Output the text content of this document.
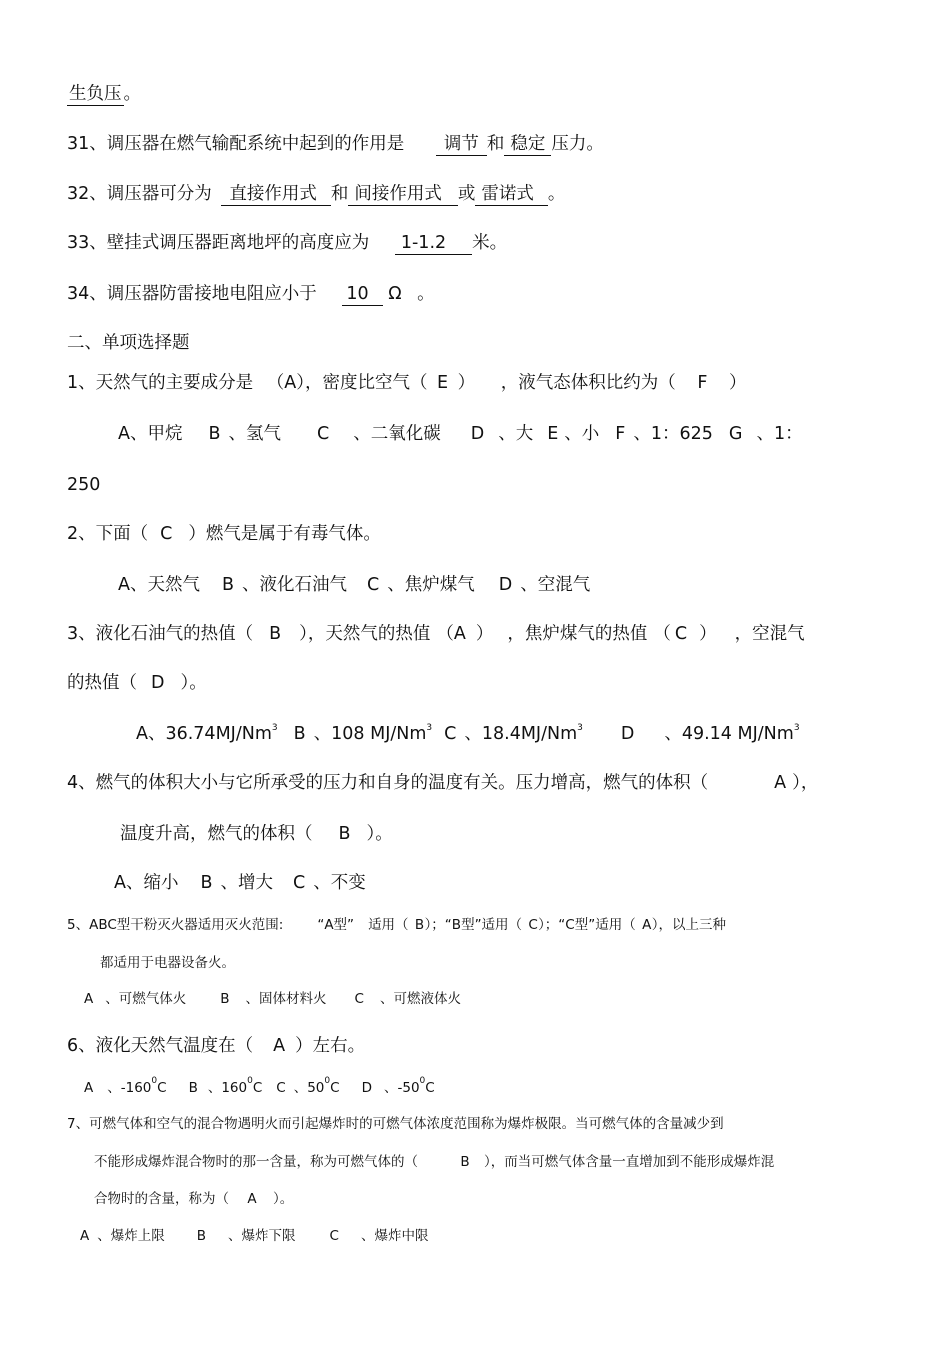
生负压 。
31、调压器在燃气输配系统中起到的作用是 调节 和 稳定 压力。
32、调压器可分为 直接作用式 和 间接作用式 或 雷诺式 。
33、壁挂式调压器距离地坪的高度应为 1-1.2 米。
34、调压器防雷接地电阻应小于 10 Ω 。
二、单项选择题
1、天然气的主要成分是 （A），密度比空气（ E ） ，液气态体积比约为（ F ）
A、甲烷 B 、氢气 C 、二氧化碳 D 、大 E 、小 F 、1：625 G 、1：
250
2、下面（ C ）燃气是属于有毒气体。
A、天然气 B 、液化石油气 C 、焦炉煤气 D 、空混气
3、液化石油气的热值（ B ），天然气的热值 （A ） ，焦炉煤气的热值 （ C ） ，空混气
的热值（ D ）。
A、36.74MJ/Nm$^3$ B 、108 MJ/Nm$^3$ C 、18.4MJ/Nm$^3$ D 、49.14 MJ/Nm$^3$
4、燃气的体积大小与它所承受的压力和自身的温度有关。压力增高，燃气的体积（	A ），
温度升高，燃气的体积（ B ）。
A、缩小 B 、增大 C 、不变
5、ABC型干粉灭火器适用灭火范围:	“A型” 适用（ B）；“B型”适用（ C）；“C型”适用（ A），以上三种
都适用于电器设备火。
A 、可燃气体火	B 、固体材料火 C 、可燃液体火
6、液化天然气温度在（ A ）左右。
A 、$-160^0C$ B 、$160^0C$ C 、$50^0C$ D 、$-50^0C$
7、可燃气体和空气的混合物遇明火而引起爆炸时的可燃气体浓度范围称为爆炸极限。当可燃气体的含量减少到
不能形成爆炸混合物时的那一含量，称为可燃气体的（	B ），而当可燃气体含量一直增加到不能形成爆炸混
合物时的含量，称为（ A ）。
A 、爆炸上限 B 、爆炸下限	C 、爆炸中限
